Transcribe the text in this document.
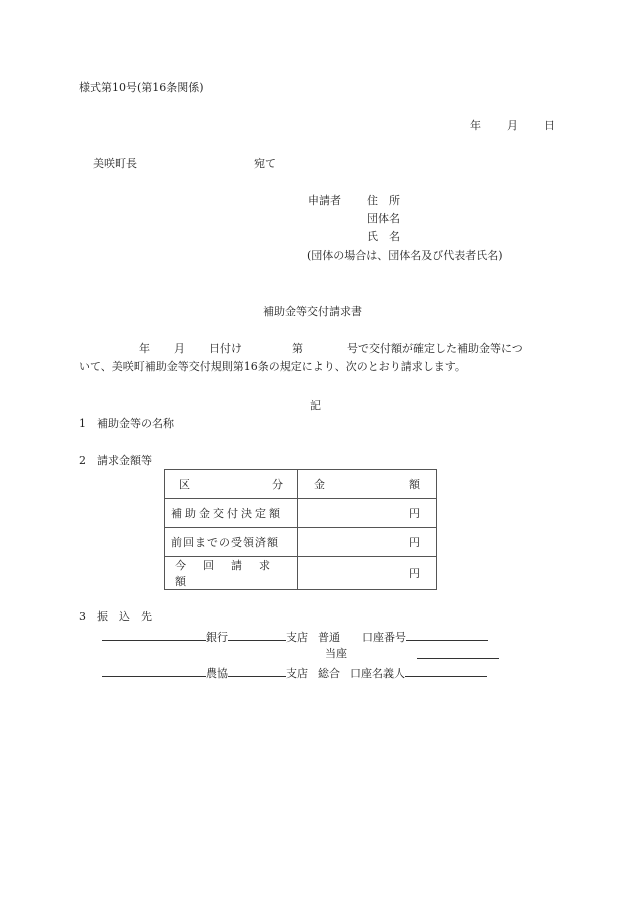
様式第10号(第16条関係)
年 月 日
美咲町長	宛て
申請者 住　所
団体名
氏　名
(団体の場合は、団体名及び代表者氏名)
補助金等交付請求書
年 月 日付け	第	号で交付額が確定した補助金等につ
いて、美咲町補助金等交付規則第16条の規定により、次のとおり請求します。
記
1　補助金等の名称
2　請求金額等
区 分	金 額

補助金交付決定額	円
前回までの受領済額	円
今回請求額	円
3　振　込　先
銀行	支店 普通 口座番号
当座
農協	支店 総合 口座名義人
